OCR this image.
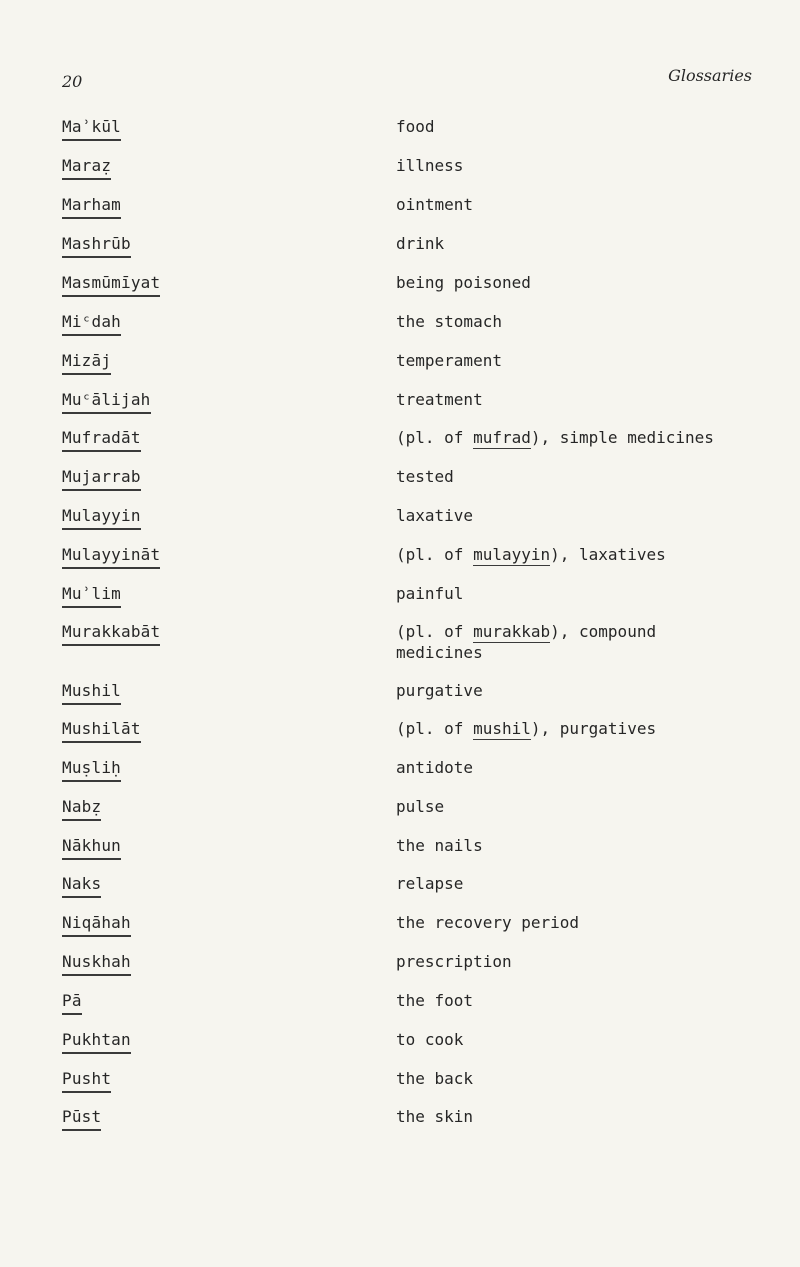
20	Glossaries
Maʾkūl	food
Maraẓ	illness
Marham	ointment
Mashrūb	drink
Masmūmīyat	being poisoned
Miᶜdah	the stomach
Mizāj	temperament
Muᶜālijah	treatment
Mufradāt	(pl. of mufrad), simple medicines
Mujarrab	tested
Mulayyin	laxative
Mulayyināt	(pl. of mulayyin), laxatives
Muʾlim	painful
Murakkabāt	(pl. of murakkab), compound medicines
Mushil	purgative
Mushilāt	(pl. of mushil), purgatives
Muṣliḥ	antidote
Nabẓ	pulse
Nākhun	the nails
Naks	relapse
Niqāhah	the recovery period
Nuskhah	prescription
Pā	the foot
Pukhtan	to cook
Pusht	the back
Pūst	the skin
